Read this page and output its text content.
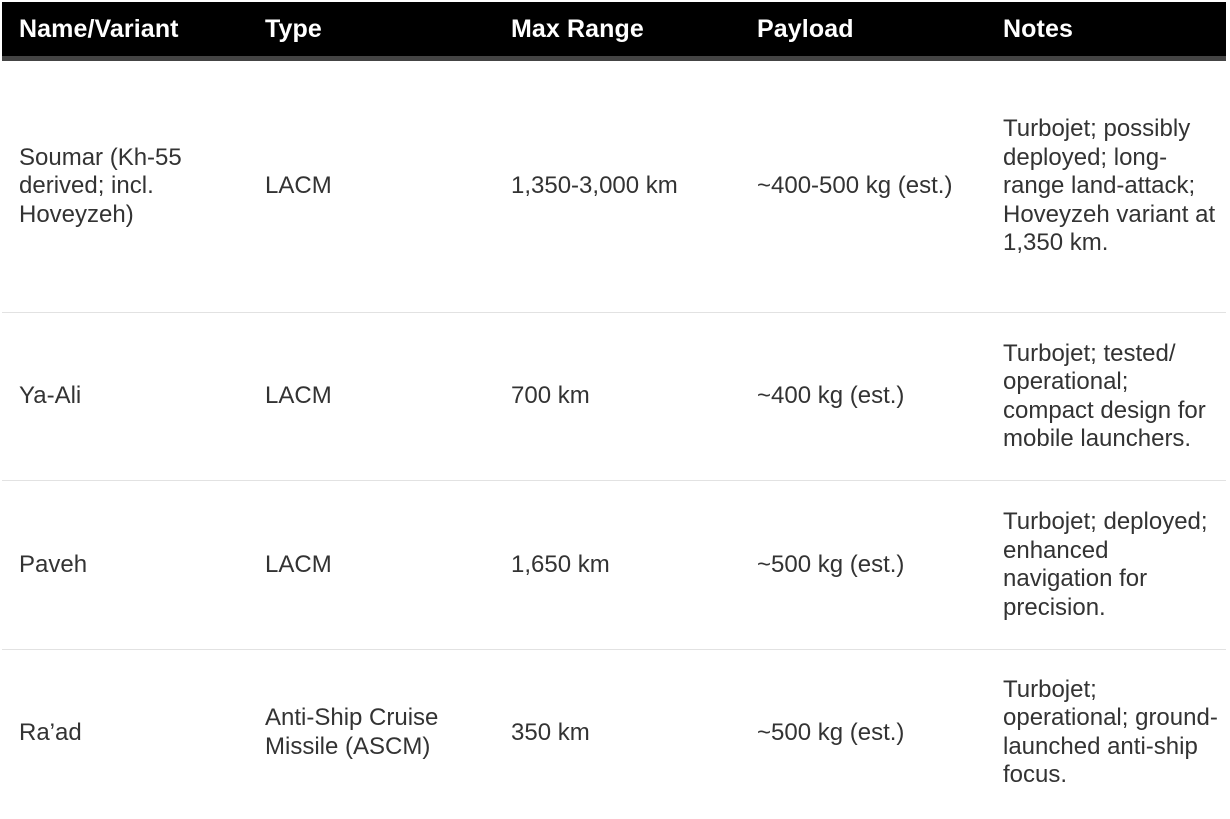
Name/Variant	Type	Max Range	Payload	Notes
Soumar (Kh-55 derived; incl. Hoveyzeh)	LACM	1,350-3,000 km	~400-500 kg (est.)	Turbojet; possibly deployed; long-range land-attack; Hoveyzeh variant at 1,350 km.
Ya-Ali	LACM	700 km	~400 kg (est.)	Turbojet; tested/ operational; compact design for mobile launchers.
Paveh	LACM	1,650 km	~500 kg (est.)	Turbojet; deployed; enhanced navigation for precision.
Ra’ad	Anti-Ship Cruise Missile (ASCM)	350 km	~500 kg (est.)	Turbojet; operational; ground-launched anti-ship focus.
